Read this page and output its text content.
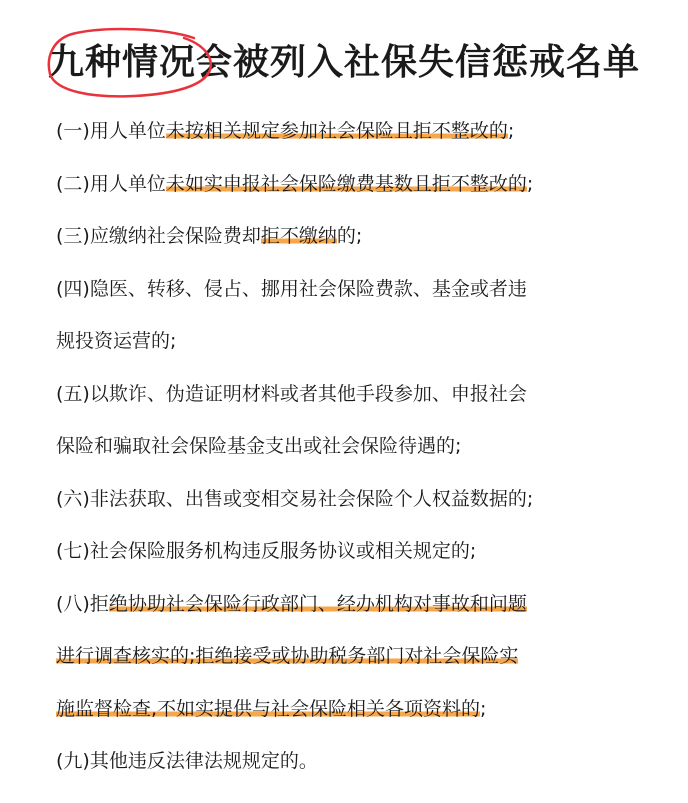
九种情况会被列入社保失信惩戒名单
(一)用人单位未按相关规定参加社会保险且拒不整改的;
(二)用人单位未如实申报社会保险缴费基数且拒不整改的;
(三)应缴纳社会保险费却拒不缴纳的;
(四)隐医、转移、侵占、挪用社会保险费款、基金或者违
规投资运营的;
(五)以欺诈、伪造证明材料或者其他手段参加、申报社会
保险和骗取社会保险基金支出或社会保险待遇的;
(六)非法获取、出售或变相交易社会保险个人权益数据的;
(七)社会保险服务机构违反服务协议或相关规定的;
(八)拒绝协助社会保险行政部门、经办机构对事故和问题
进行调查核实的;拒绝接受或协助税务部门对社会保险实
施监督检查,不如实提供与社会保险相关各项资料的;
(九)其他违反法律法规规定的。
